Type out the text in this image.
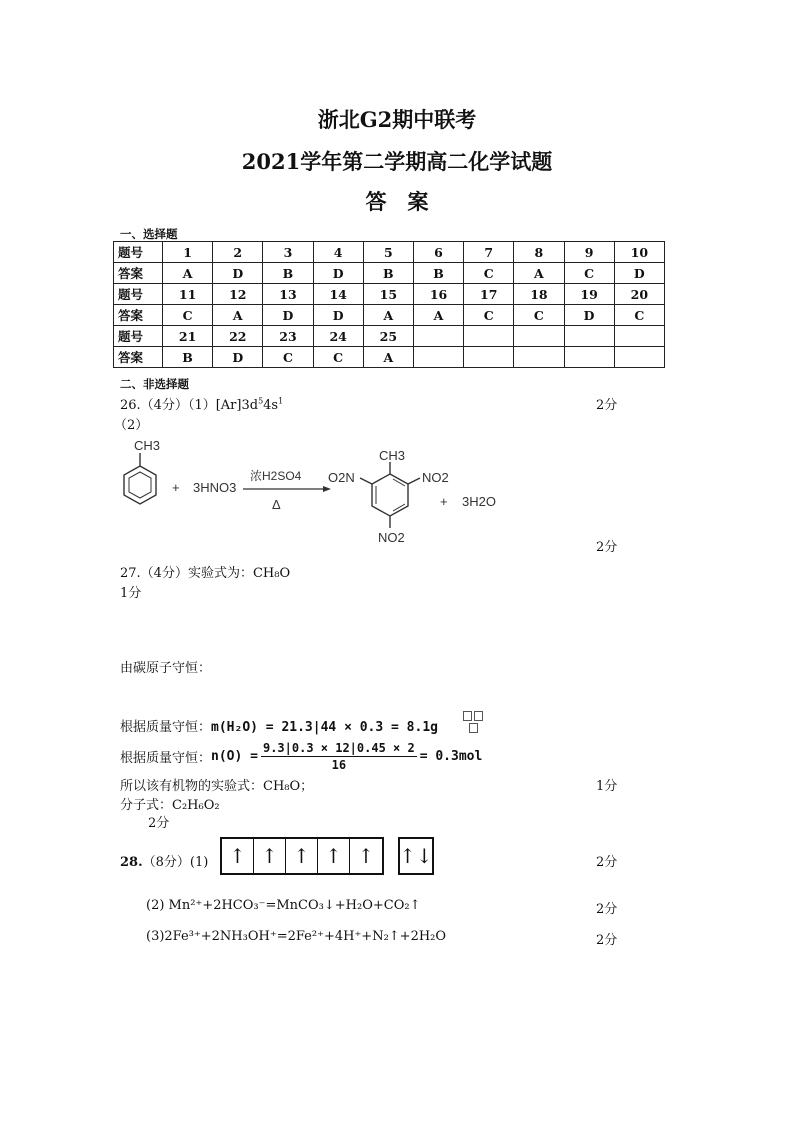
浙北G2期中联考
2021学年第二学期高二化学试题
答　案
一、选择题
题号	1	2	3	4	5	6	7	8	9	10
答案	A	D	B	D	B	B	C	A	C	D
题号	11	12	13	14	15	16	17	18	19	20
答案	C	A	D	D	A	A	C	C	D	C
题号	21	22	23	24	25					
答案	B	D	C	C	A					
二、非选择题
26.（4分）$(1)[Ar]3d^54s^1$	2分
（2）
CH3
+ 3HNO3
浓H2SO4
Δ
CH3
O2N	NO2
NO2
+ 3H2O
2分
27.（4分）实验式为：CH₈O
1分
由碳原子守恒：
根据质量守恒：m(H₂O) = 21.3|44 × 0.3 = 8.1g

根据质量守恒： $n(O) = \frac{9.3|0.3 \times 12|0.45 \times 2}{16} = 0.3mol$
所以该有机物的实验式：CH₈O；	1分
分子式：C₂H₆O₂
2分
28.（8分）(1)	↑ ↑ ↑ ↑ ↑	↑↓	2分
(2) Mn²⁺+2HCO₃⁻=MnCO₃↓+H₂O+CO₂↑	2分
(3)2Fe³⁺+2NH₃OH⁺=2Fe²⁺+4H⁺+N₂↑+2H₂O	2分
